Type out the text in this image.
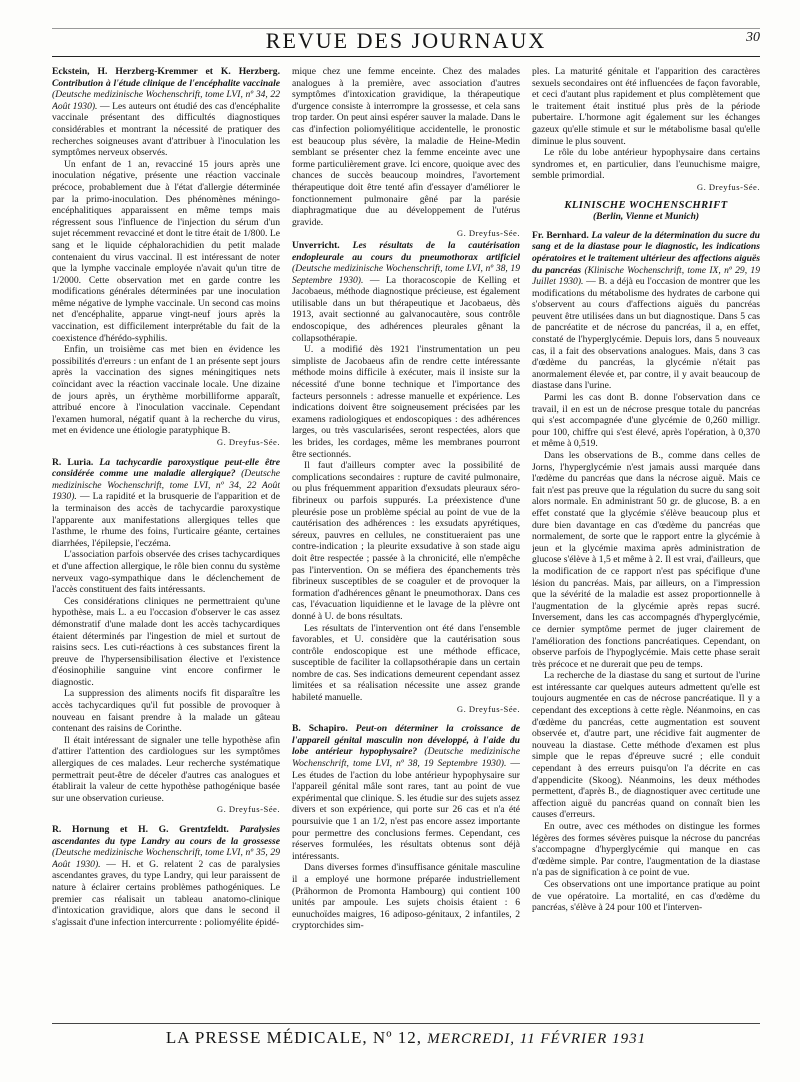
REVUE DES JOURNAUX	30

Eckstein, H. Herzberg-Kremmer et K. Herzberg. Contribution à l'étude clinique de l'encéphalite vaccinale (Deutsche medizinische Wochenschrift, tome LVI, nº 34, 22 Août 1930). — Les auteurs ont étudié des cas d'encéphalite vaccinale présentant des difficultés diagnostiques considérables et montrant la nécessité de pratiquer des recherches soigneuses avant d'attribuer à l'inoculation les symptômes nerveux observés.

Un enfant de 1 an, revacciné 15 jours après une inoculation négative, présente une réaction vaccinale précoce, probablement due à l'état d'allergie déterminée par la primo-inoculation. Des phénomènes méningo-encéphalitiques apparaissent en même temps mais régressent sous l'influence de l'injection du sérum d'un sujet récemment revacciné et dont le titre était de 1/800. Le sang et le liquide céphalorachidien du petit malade contenaient du virus vaccinal. Il est intéressant de noter que la lymphe vaccinale employée n'avait qu'un titre de 1/2000. Cette observation met en garde contre les modifications générales déterminées par une inoculation même négative de lymphe vaccinale. Un second cas moins net d'encéphalite, apparue vingt-neuf jours après la vaccination, est difficilement interprétable du fait de la coexistence d'hérédo-syphilis.

Enfin, un troisième cas met bien en évidence les possibilités d'erreurs : un enfant de 1 an présente sept jours après la vaccination des signes méningitiques nets coïncidant avec la réaction vaccinale locale. Une dizaine de jours après, un érythème morbilliforme apparaît, attribué encore à l'inoculation vaccinale. Cependant l'examen humoral, négatif quant à la recherche du virus, met en évidence une étiologie paratyphique B.

G. Dreyfus-Sée.

R. Luria. La tachycardie paroxystique peut-elle être considérée comme une maladie allergique? (Deutsche medizinische Wochenschrift, tome LVI, nº 34, 22 Août 1930). — La rapidité et la brusquerie de l'apparition et de la terminaison des accès de tachycardie paroxystique l'apparente aux manifestations allergiques telles que l'asthme, le rhume des foins, l'urticaire géante, certaines diarrhées, l'épilepsie, l'eczéma.

L'association parfois observée des crises tachycardiques et d'une affection allergique, le rôle bien connu du système nerveux vago-sympathique dans le déclenchement de l'accès constituent des faits intéressants.

Ces considérations cliniques ne permettraient qu'une hypothèse, mais L. a eu l'occasion d'observer le cas assez démonstratif d'une malade dont les accès tachycardiques étaient déterminés par l'ingestion de miel et surtout de raisins secs. Les cuti-réactions à ces substances firent la preuve de l'hypersensibilisation élective et l'existence d'éosinophilie sanguine vint encore confirmer le diagnostic.

La suppression des aliments nocifs fit disparaître les accès tachycardiques qu'il fut possible de provoquer à nouveau en faisant prendre à la malade un gâteau contenant des raisins de Corinthe.

Il était intéressant de signaler une telle hypothèse afin d'attirer l'attention des cardiologues sur les symptômes allergiques de ces malades. Leur recherche systématique permettrait peut-être de déceler d'autres cas analogues et établirait la valeur de cette hypothèse pathogénique basée sur une observation curieuse.

G. Dreyfus-Sée.

R. Hornung et H. G. Grentzfeldt. Paralysies ascendantes du type Landry au cours de la grossesse (Deutsche medizinische Wochenschrift, tome LVI, nº 35, 29 Août 1930). — H. et G. relatent 2 cas de paralysies ascendantes graves, du type Landry, qui leur paraissent de nature à éclairer certains problèmes pathogéniques. Le premier cas réalisait un tableau anatomo-clinique d'intoxication gravidique, alors que dans le second il s'agissait d'une infection intercurrente : poliomyélite épidé-

mique chez une femme enceinte. Chez des malades analogues à la première, avec association d'autres symptômes d'intoxication gravidique, la thérapeutique d'urgence consiste à interrompre la grossesse, et cela sans trop tarder. On peut ainsi espérer sauver la malade. Dans le cas d'infection poliomyélitique accidentelle, le pronostic est beaucoup plus sévère, la maladie de Heine-Medin semblant se présenter chez la femme enceinte avec une forme particulièrement grave. Ici encore, quoique avec des chances de succès beaucoup moindres, l'avortement thérapeutique doit être tenté afin d'essayer d'améliorer le fonctionnement pulmonaire gêné par la parésie diaphragmatique due au développement de l'utérus gravide.

G. Dreyfus-Sée.

Unverricht. Les résultats de la cautérisation endopleurale au cours du pneumothorax artificiel (Deutsche medizinische Wochenschrift, tome LVI, nº 38, 19 Septembre 1930). — La thoracoscopie de Kelling et Jacobaeus, méthode diagnostique précieuse, est également utilisable dans un but thérapeutique et Jacobaeus, dès 1913, avait sectionné au galvanocautère, sous contrôle endoscopique, des adhérences pleurales gênant la collapsothérapie.

U. a modifié dès 1921 l'instrumentation un peu simpliste de Jacobaeus afin de rendre cette intéressante méthode moins difficile à exécuter, mais il insiste sur la nécessité d'une bonne technique et l'importance des facteurs personnels : adresse manuelle et expérience. Les indications doivent être soigneusement précisées par les examens radiologiques et endoscopiques : des adhérences larges, ou très vascularisées, seront respectées, alors que les brides, les cordages, même les membranes pourront être sectionnés.

Il faut d'ailleurs compter avec la possibilité de complications secondaires : rupture de cavité pulmonaire, ou plus fréquemment apparition d'exsudats pleuraux séro-fibrineux ou parfois suppurés. La préexistence d'une pleurésie pose un problème spécial au point de vue de la cautérisation des adhérences : les exsudats apyrétiques, séreux, pauvres en cellules, ne constitueraient pas une contre-indication ; la pleurite exsudative à son stade aigu doit être respectée ; passée à la chronicité, elle n'empêche pas l'intervention. On se méfiera des épanchements très fibrineux susceptibles de se coaguler et de provoquer la formation d'adhérences gênant le pneumothorax. Dans ces cas, l'évacuation liquidienne et le lavage de la plèvre ont donné à U. de bons résultats.

Les résultats de l'intervention ont été dans l'ensemble favorables, et U. considère que la cautérisation sous contrôle endoscopique est une méthode efficace, susceptible de faciliter la collapsothérapie dans un certain nombre de cas. Ses indications demeurent cependant assez limitées et sa réalisation nécessite une assez grande habileté manuelle.

G. Dreyfus-Sée.

B. Schapiro. Peut-on déterminer la croissance de l'appareil génital masculin non développé, à l'aide du lobe antérieur hypophysaire? (Deutsche medizinische Wochenschrift, tome LVI, nº 38, 19 Septembre 1930). — Les études de l'action du lobe antérieur hypophysaire sur l'appareil génital mâle sont rares, tant au point de vue expérimental que clinique. S. les étudie sur des sujets assez divers et son expérience, qui porte sur 26 cas et n'a été poursuivie que 1 an 1/2, n'est pas encore assez importante pour permettre des conclusions fermes. Cependant, ces réserves formulées, les résultats obtenus sont déjà intéressants.

Dans diverses formes d'insuffisance génitale masculine il a employé une hormone préparée industriellement (Prähormon de Promonta Hambourg) qui contient 100 unités par ampoule. Les sujets choisis étaient : 6 eunuchoïdes maigres, 16 adiposo-génitaux, 2 infantiles, 2 cryptorchides sim-

ples. La maturité génitale et l'apparition des caractères sexuels secondaires ont été influencées de façon favorable, et ceci d'autant plus rapidement et plus complètement que le traitement était institué plus près de la période pubertaire. L'hormone agit également sur les échanges gazeux qu'elle stimule et sur le métabolisme basal qu'elle diminue le plus souvent.

Le rôle du lobe antérieur hypophysaire dans certains syndromes et, en particulier, dans l'eunuchisme maigre, semble primordial.

G. Dreyfus-Sée.

KLINISCHE WOCHENSCHRIFT
(Berlin, Vienne et Munich)

Fr. Bernhard. La valeur de la détermination du sucre du sang et de la diastase pour le diagnostic, les indications opératoires et le traitement ultérieur des affections aiguës du pancréas (Klinische Wochenschrift, tome IX, nº 29, 19 Juillet 1930). — B. a déjà eu l'occasion de montrer que les modifications du métabolisme des hydrates de carbone qui s'observent au cours d'affections aiguës du pancréas peuvent être utilisées dans un but diagnostique. Dans 5 cas de pancréatite et de nécrose du pancréas, il a, en effet, constaté de l'hyperglycémie. Depuis lors, dans 5 nouveaux cas, il a fait des observations analogues. Mais, dans 3 cas d'œdème du pancréas, la glycémie n'était pas anormalement élevée et, par contre, il y avait beaucoup de diastase dans l'urine.

Parmi les cas dont B. donne l'observation dans ce travail, il en est un de nécrose presque totale du pancréas qui s'est accompagnée d'une glycémie de 0,260 milligr. pour 100, chiffre qui s'est élevé, après l'opération, à 0,370 et même à 0,519.

Dans les observations de B., comme dans celles de Jorns, l'hyperglycémie n'est jamais aussi marquée dans l'œdème du pancréas que dans la nécrose aiguë. Mais ce fait n'est pas preuve que la régulation du sucre du sang soit alors normale. En administrant 50 gr. de glucose, B. a en effet constaté que la glycémie s'élève beaucoup plus et dure bien davantage en cas d'œdème du pancréas que normalement, de sorte que le rapport entre la glycémie à jeun et la glycémie maxima après administration de glucose s'élève à 1,5 et même à 2. Il est vrai, d'ailleurs, que la modification de ce rapport n'est pas spécifique d'une lésion du pancréas. Mais, par ailleurs, on a l'impression que la sévérité de la maladie est assez proportionnelle à l'augmentation de la glycémie après repas sucré. Inversement, dans les cas accompagnés d'hyperglycémie, ce dernier symptôme permet de juger clairement de l'amélioration des fonctions pancréatiques. Cependant, on observe parfois de l'hypoglycémie. Mais cette phase serait très précoce et ne durerait que peu de temps.

La recherche de la diastase du sang et surtout de l'urine est intéressante car quelques auteurs admettent qu'elle est toujours augmentée en cas de nécrose pancréatique. Il y a cependant des exceptions à cette règle. Néanmoins, en cas d'œdème du pancréas, cette augmentation est souvent observée et, d'autre part, une récidive fait augmenter de nouveau la diastase. Cette méthode d'examen est plus simple que le repas d'épreuve sucré ; elle conduit cependant à des erreurs puisqu'on l'a décrite en cas d'appendicite (Skoog). Néanmoins, les deux méthodes permettent, d'après B., de diagnostiquer avec certitude une affection aiguë du pancréas quand on connaît bien les causes d'erreurs.

En outre, avec ces méthodes on distingue les formes légères des formes sévères puisque la nécrose du pancréas s'accompagne d'hyperglycémie qui manque en cas d'œdème simple. Par contre, l'augmentation de la diastase n'a pas de signification à ce point de vue.

Ces observations ont une importance pratique au point de vue opératoire. La mortalité, en cas d'œdème du pancréas, s'élève à 24 pour 100 et l'interven-

LA PRESSE MÉDICALE, Nº 12, MERCREDI, 11 FÉVRIER 1931
